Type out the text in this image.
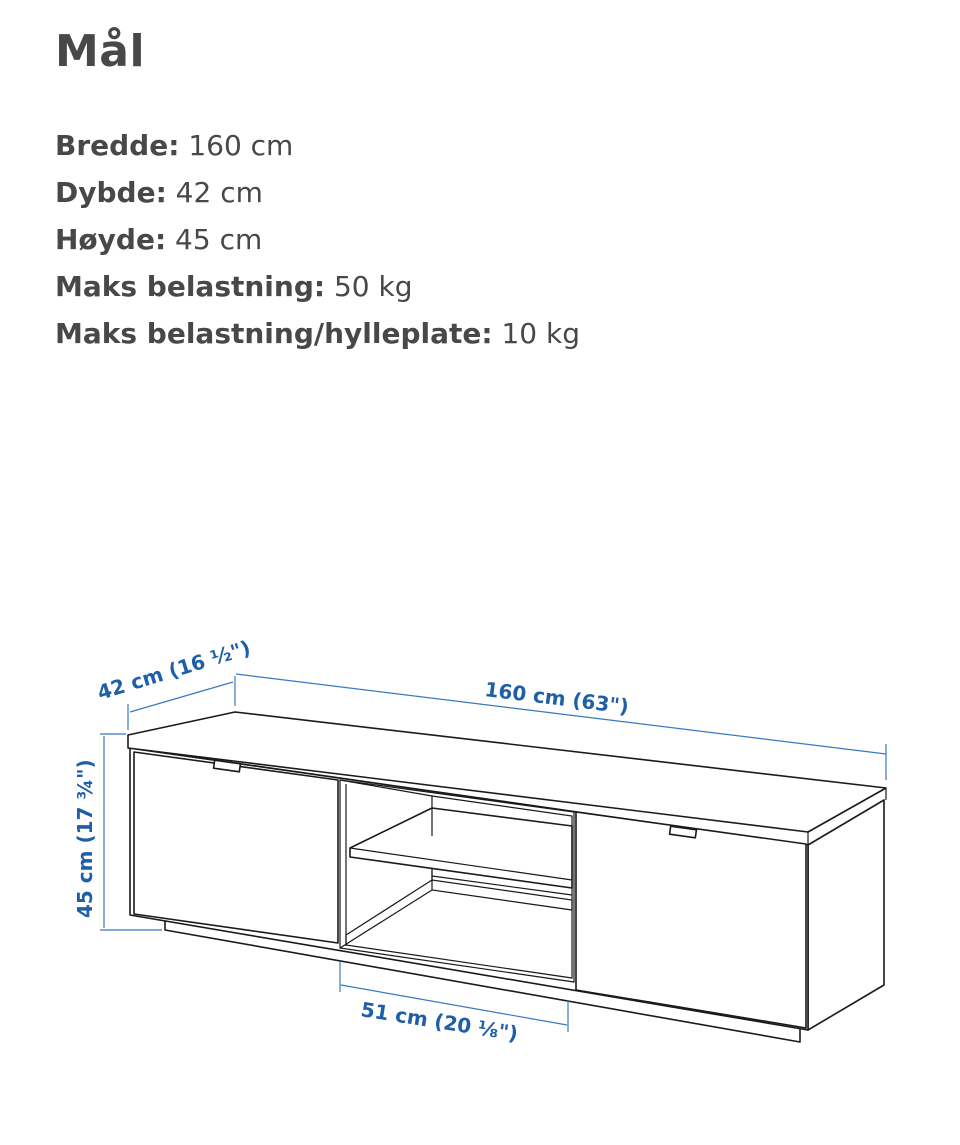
Mål
Bredde: 160 cm
Dybde: 42 cm
Høyde: 45 cm
Maks belastning: 50 kg
Maks belastning/hylleplate: 10 kg
42 cm (16 ½")	160 cm (63")
45 cm (17 ¾")
51 cm (20 ⅛")
